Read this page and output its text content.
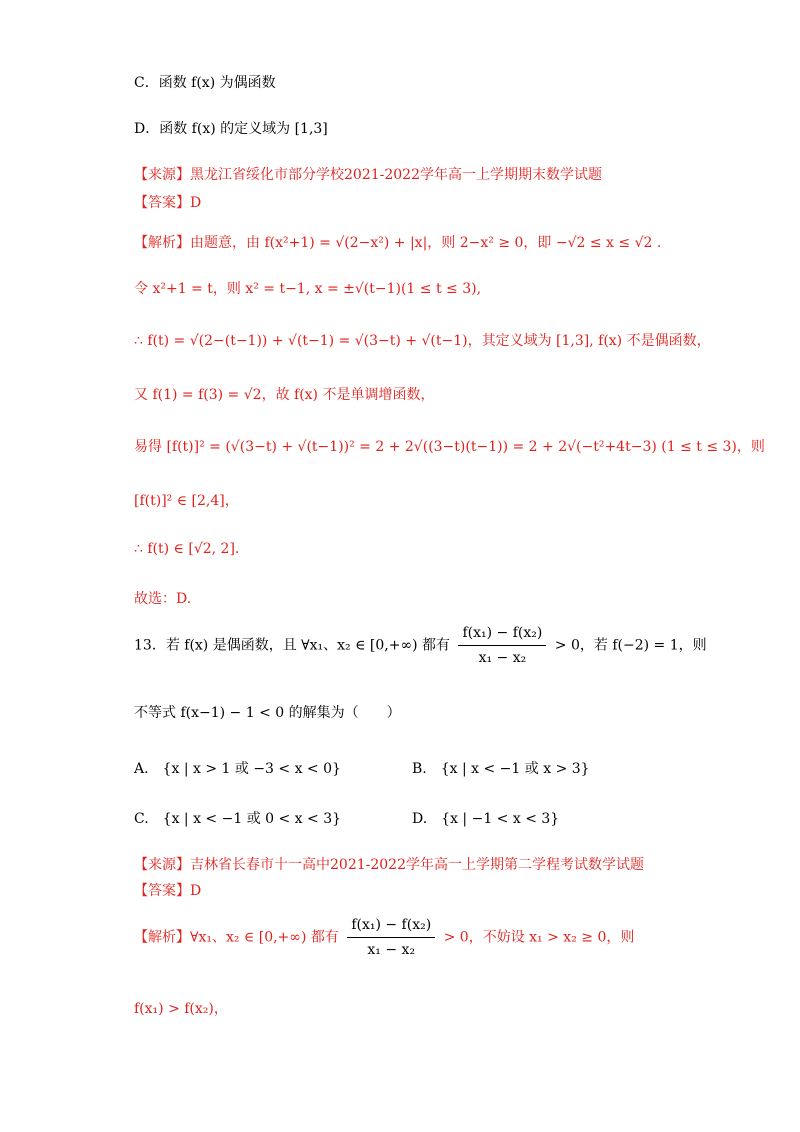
C．函数 f(x) 为偶函数
D．函数 f(x) 的定义域为 [1,3]
【来源】黑龙江省绥化市部分学校2021-2022学年高一上学期期末数学试题
【答案】D
【解析】由题意，由 f(x²+1) = √(2−x²) + |x|，则 2−x² ≥ 0，即 −√2 ≤ x ≤ √2 .
令 x²+1 = t，则 x² = t−1, x = ±√(t−1)(1 ≤ t ≤ 3),
∴ f(t) = √(2−(t−1)) + √(t−1) = √(3−t) + √(t−1)，其定义域为 [1,3], f(x) 不是偶函数，
又 f(1) = f(3) = √2，故 f(x) 不是单调增函数，
易得 [f(t)]² = (√(3−t) + √(t−1))² = 2 + 2√((3−t)(t−1)) = 2 + 2√(−t²+4t−3) (1 ≤ t ≤ 3)，则
[f(t)]² ∈ [2,4]，
∴ f(t) ∈ [√2, 2].
故选：D.
13．若 f(x) 是偶函数，且 ∀x₁、x₂ ∈ [0,+∞) 都有 $\frac{\text{f(x₁) − f(x₂)}}{\text{x₁ − x₂}} > 0$，若 f(−2) = 1，则
不等式 f(x−1) − 1 < 0 的解集为（　　）
A.　{x | x > 1 或 −3 < x < 0}	B.　{x | x < −1 或 x > 3}
C.　{x | x < −1 或 0 < x < 3}	D.　{x | −1 < x < 3}
【来源】吉林省长春市十一高中2021-2022学年高一上学期第二学程考试数学试题
【答案】D
【解析】∀x₁、x₂ ∈ [0,+∞) 都有 $\frac{\text{f(x₁) − f(x₂)}}{\text{x₁ − x₂}} > 0$，不妨设 x₁ > x₂ ≥ 0，则
f(x₁) > f(x₂)，
